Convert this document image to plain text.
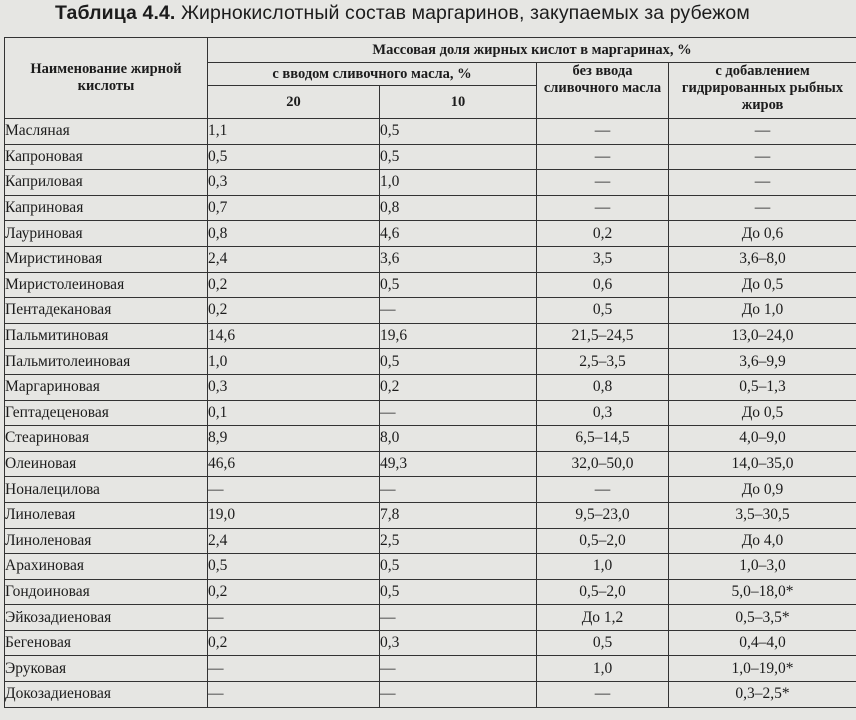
Таблица 4.4. Жирнокислотный состав маргаринов, закупаемых за рубежом
Наименование жирной кислоты	Массовая доля жирных кислот в маргаринах, %			
	с вводом сливочного масла, %		без ввода сливочного масла	с добавлением гидрированных рыбных жиров
	20	10		
Масляная	1,1	0,5	—	—
Капроновая	0,5	0,5	—	—
Каприловая	0,3	1,0	—	—
Каприновая	0,7	0,8	—	—
Лауриновая	0,8	4,6	0,2	До 0,6
Миристиновая	2,4	3,6	3,5	3,6–8,0
Миристолеиновая	0,2	0,5	0,6	До 0,5
Пентадекановая	0,2	—	0,5	До 1,0
Пальмитиновая	14,6	19,6	21,5–24,5	13,0–24,0
Пальмитолеиновая	1,0	0,5	2,5–3,5	3,6–9,9
Маргариновая	0,3	0,2	0,8	0,5–1,3
Гептадеценовая	0,1	—	0,3	До 0,5
Стеариновая	8,9	8,0	6,5–14,5	4,0–9,0
Олеиновая	46,6	49,3	32,0–50,0	14,0–35,0
Ноналецилова	—	—	—	До 0,9
Линолевая	19,0	7,8	9,5–23,0	3,5–30,5
Линоленовая	2,4	2,5	0,5–2,0	До 4,0
Арахиновая	0,5	0,5	1,0	1,0–3,0
Гондоиновая	0,2	0,5	0,5–2,0	5,0–18,0*
Эйкозадиеновая	—	—	До 1,2	0,5–3,5*
Бегеновая	0,2	0,3	0,5	0,4–4,0
Эруковая	—	—	1,0	1,0–19,0*
Докозадиеновая	—	—	—	0,3–2,5*
